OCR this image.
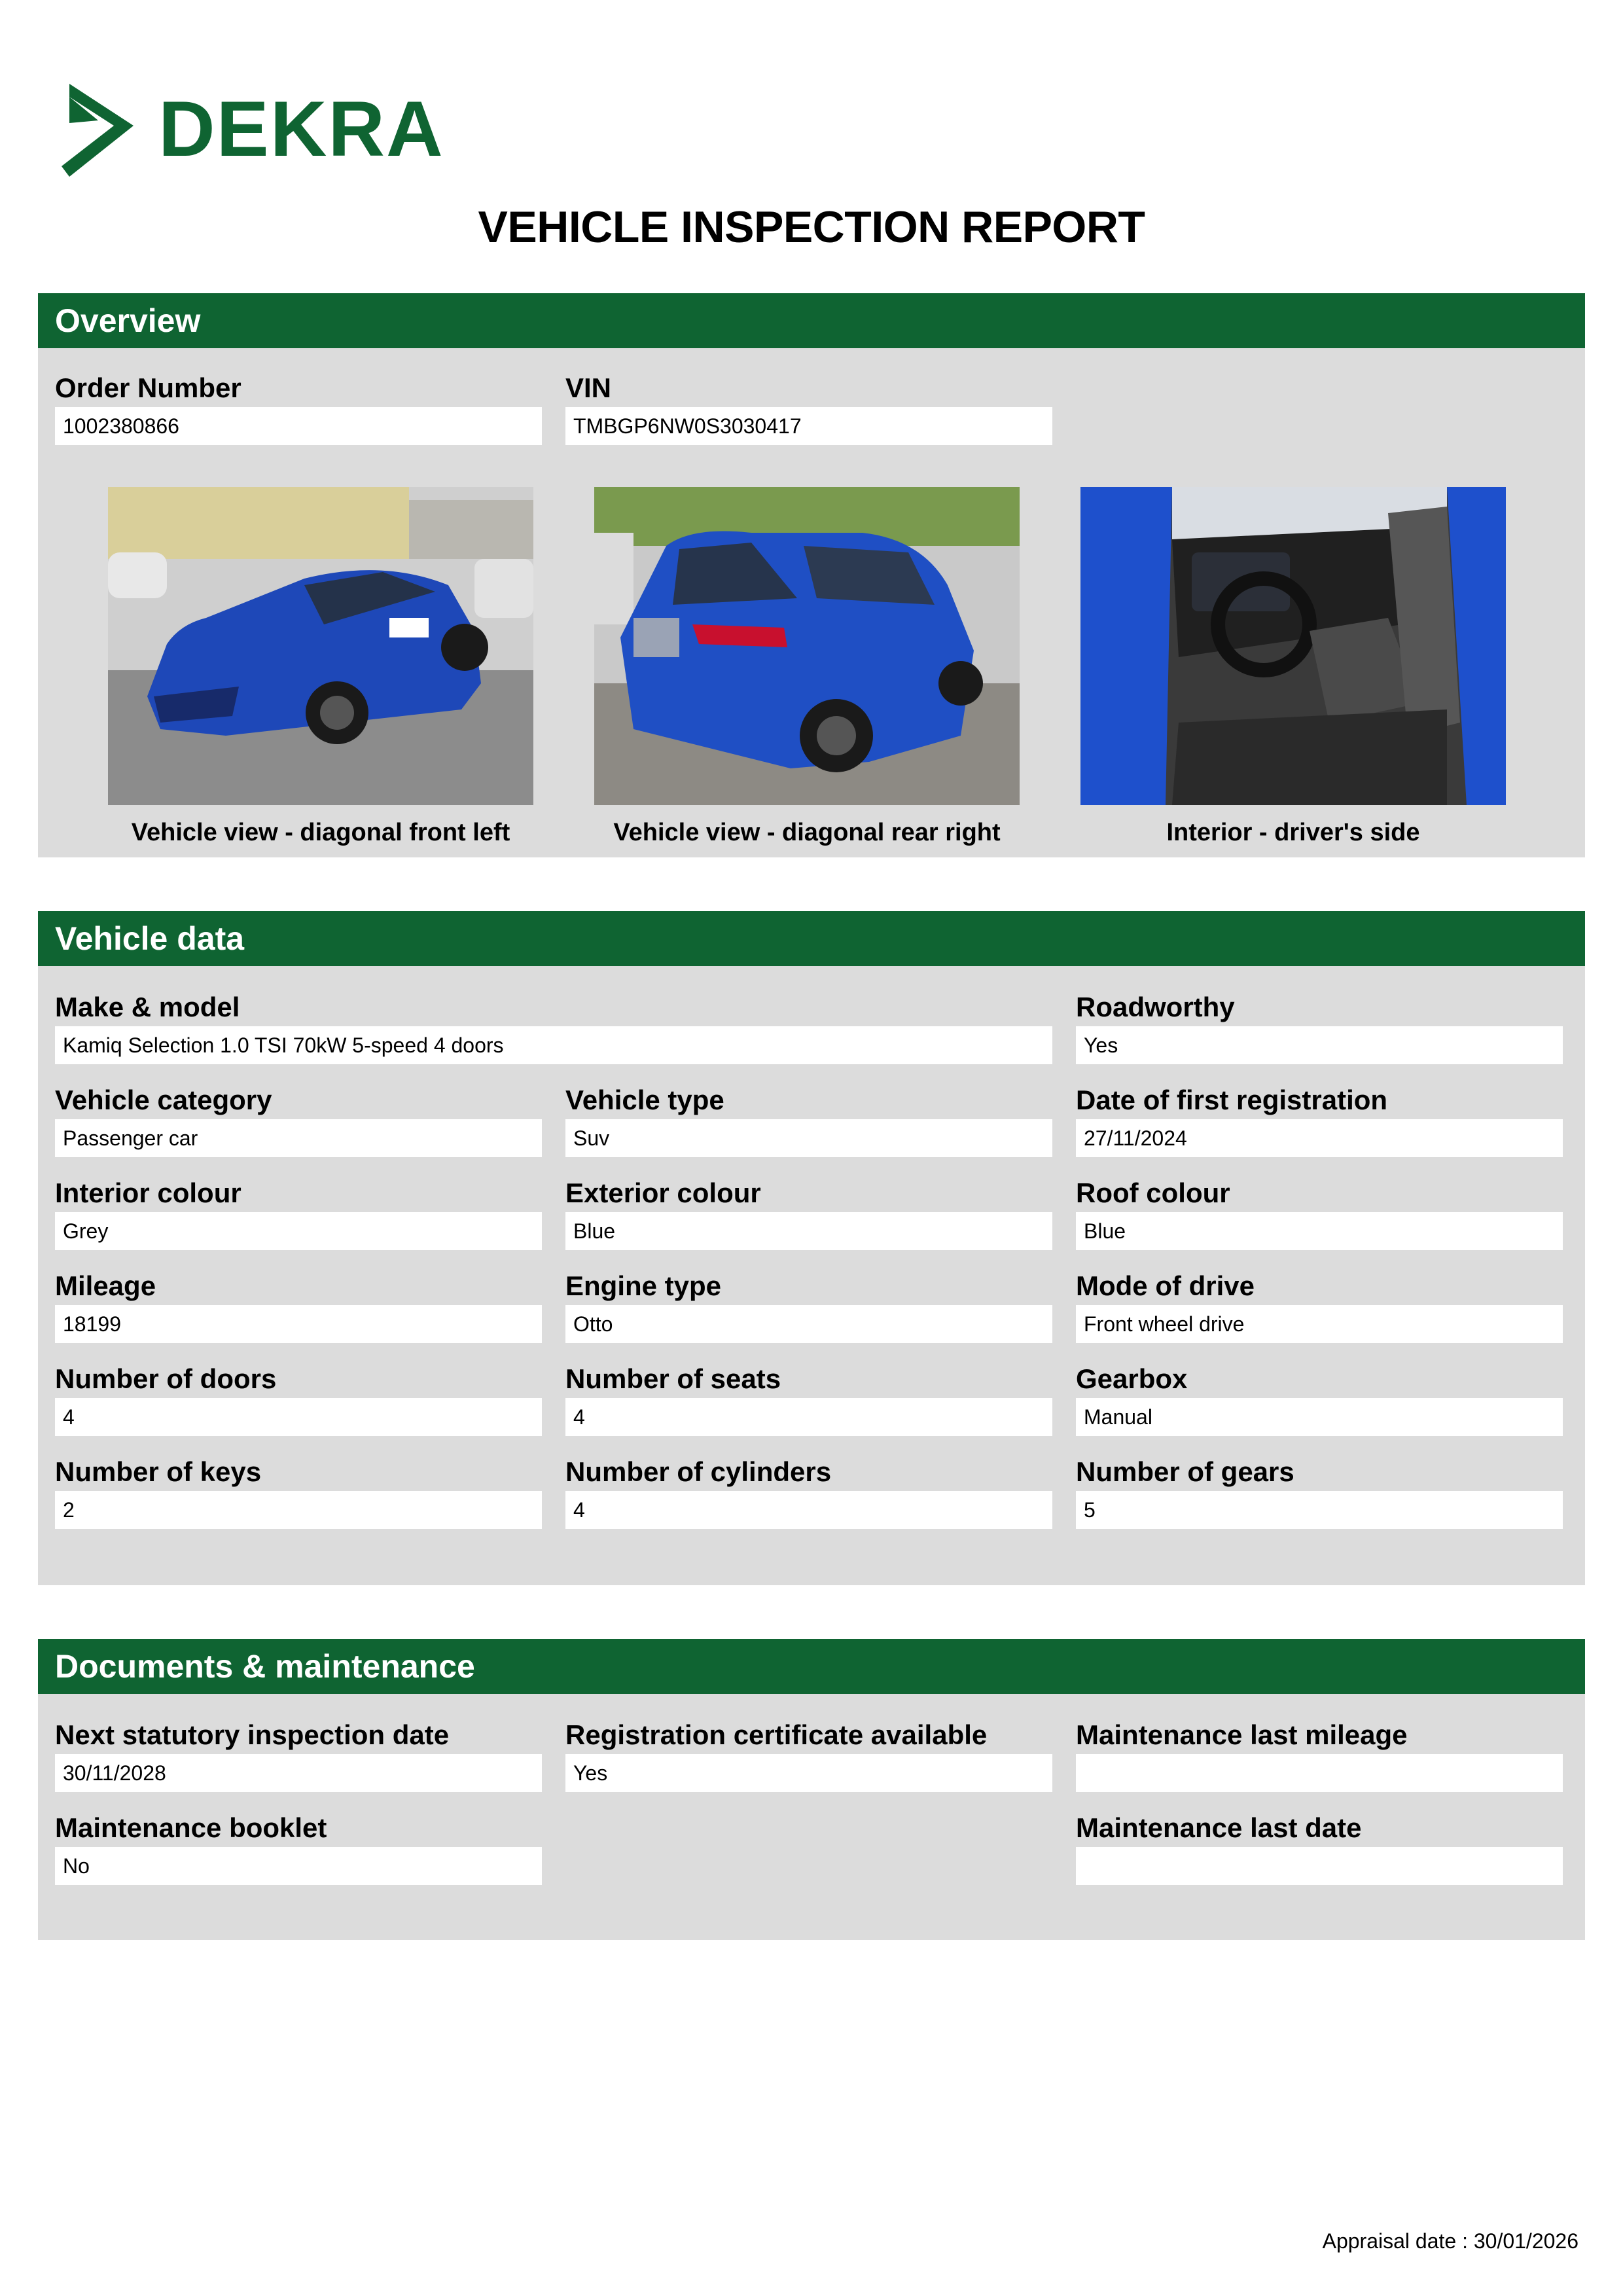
DEKRA
VEHICLE INSPECTION REPORT
Overview
Order Number
1002380866
VIN
TMBGP6NW0S3030417
Vehicle view - diagonal front left	Vehicle view - diagonal rear right	Interior - driver's side
Vehicle data
Make & model
Kamiq Selection 1.0 TSI 70kW 5-speed 4 doors
Roadworthy
Yes
Vehicle category
Passenger car
Vehicle type
Suv
Date of first registration
27/11/2024
Interior colour
Grey
Exterior colour
Blue
Roof colour
Blue
Mileage
18199
Engine type
Otto
Mode of drive
Front wheel drive
Number of doors
4
Number of seats
4
Gearbox
Manual
Number of keys
2
Number of cylinders
4
Number of gears
5
Documents & maintenance
Next statutory inspection date
30/11/2028
Registration certificate available
Yes
Maintenance last mileage
Maintenance booklet
No
Maintenance last date
Appraisal date : 30/01/2026
